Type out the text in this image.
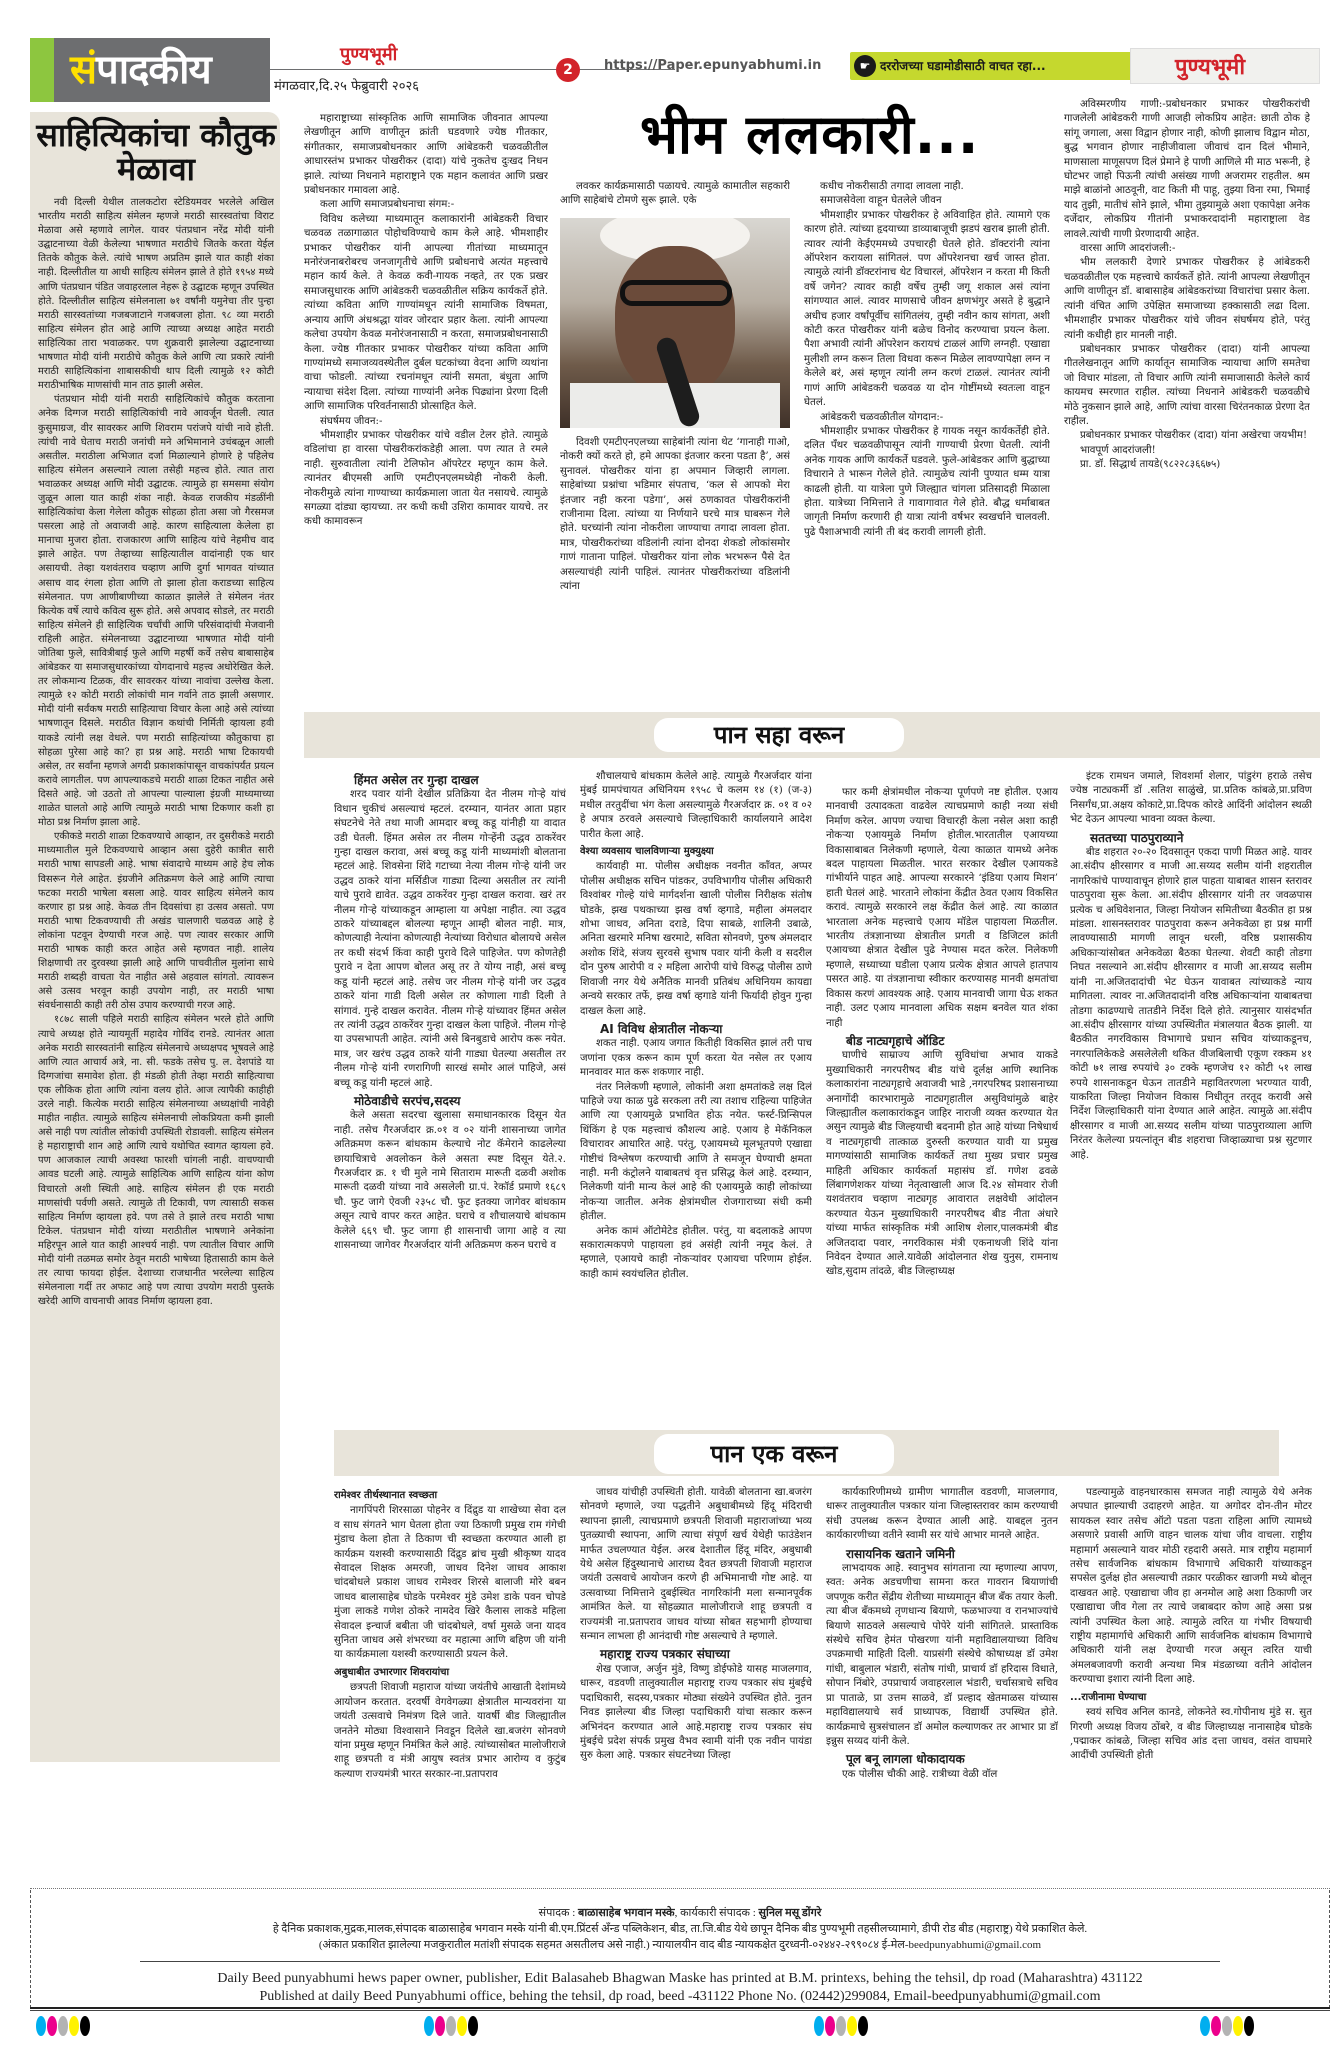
संपादकीय	पुण्यभूमी
मंगळवार,दि.२५ फेब्रुवारी २०२६
2	https://Paper.epunyabhumi.in	☛ दररोजच्या घडामोडीसाठी वाचत रहा...	पुण्यभूमी
साहित्यिकांचा कौतुक मेळावा

नवी दिल्ली येथील तालकटोरा स्टेडियमवर भरलेले अखिल भारतीय मराठी साहित्य संमेलन म्हणजे मराठी सारस्वतांचा विराट मेळावा असे म्हणावे लागेल. यावर पंतप्रधान नरेंद्र मोदी यांनी उद्घाटनाच्या वेळी केलेल्या भाषणात मराठीचे जितके करता येईल तितके कौतुक केले. त्यांचे भाषण अप्रतिम झाले यात काही शंका नाही. दिल्लीतील या आधी साहित्य संमेलन झाले ते होते १९५४ मध्ये आणि पंतप्रधान पंडित जवाहरलाल नेहरू हे उद्घाटक म्हणून उपस्थित होते. दिल्लीतील साहित्य संमेलनाला ७१ वर्षांनी यमुनेचा तीर पुन्हा मराठी सारस्वतांच्या गजबजाटाने गजबजला होता. ९८ व्या मराठी साहित्य संमेलन होत आहे आणि त्याच्या अध्यक्ष आहेत मराठी साहित्यिका तारा भवाळकर. पण शुक्रवारी झालेल्या उद्घाटनाच्या भाषणात मोदी यांनी मराठीचे कौतुक केले आणि त्या प्रकारे त्यांनी मराठी साहित्यिकांना शाबासकीची थाप दिली त्यामुळे १२ कोटी मराठीभाषिक माणसांची मान ताठ झाली असेल.

पंतप्रधान मोदी यांनी मराठी साहित्यिकांचे कौतुक करताना अनेक दिग्गज मराठी साहित्यिकांची नावे आवर्जून घेतली. त्यात कुसुमाग्रज, वीर सावरकर आणि शिवराम परांजपे यांची नावे होती. त्यांची नावे घेताच मराठी जनांची मने अभिमानाने उचंबळून आली असतील. मराठीला अभिजात दर्जा मिळाल्याने होणारे हे पहिलेच साहित्य संमेलन असल्याने त्याला तसेही महत्त्व होते. त्यात तारा भवाळकर अध्यक्ष आणि मोदी उद्घाटक. त्यामुळे हा समसमा संयोग जुळून आला यात काही शंका नाही. केवळ राजकीय मंडळींनी साहित्यिकांचा केला गेलेला कौतुक सोहळा होता असा जो गैरसमज पसरला आहे तो अवाजवी आहे. कारण साहित्याला केलेला हा मानाचा मुजरा होता. राजकारण आणि साहित्य यांचे नेहमीच वाद झाले आहेत. पण तेव्हाच्या साहित्यातील वादांनाही एक धार असायची. तेव्हा यशवंतराव चव्हाण आणि दुर्गा भागवत यांच्यात असाच वाद रंगला होता आणि तो झाला होता कराडच्या साहित्य संमेलनात. पण आणीबाणीच्या काळात झालेले ते संमेलन नंतर कित्येक वर्षे त्याचे कवित्व सुरू होते. असे अपवाद सोडले, तर मराठी साहित्य संमेलने ही साहित्यिक चर्चांची आणि परिसंवादांची मेजवानी राहिली आहेत. संमेलनाच्या उद्घाटनाच्या भाषणात मोदी यांनी जोतिबा फुले, सावित्रीबाई फुले आणि महर्षी कर्वे तसेच बाबासाहेब आंबेडकर या समाजसुधारकांच्या योगदानाचे महत्त्व अधोरेखित केले. तर लोकमान्य टिळक, वीर सावरकर यांच्या नावांचा उल्लेख केला. त्यामुळे १२ कोटी मराठी लोकांची मान गर्वाने ताठ झाली असणार. मोदी यांनी सर्वंकष मराठी साहित्याचा विचार केला आहे असे त्यांच्या भाषणातून दिसले. मराठीत विज्ञान कथांची निर्मिती व्हायला हवी याकडे त्यांनी लक्ष वेधले. पण मराठी साहित्यांच्या कौतुकाचा हा सोहळा पुरेसा आहे का? हा प्रश्न आहे. मराठी भाषा टिकायची असेल, तर सर्वांना म्हणजे अगदी प्रकाशकांपासून वाचकांपर्यंत प्रयत्न करावे लागतील. पण आपल्याकडचे मराठी शाळा टिकत नाहीत असे दिसते आहे. जो उठतो तो आपल्या पाल्याला इंग्रजी माध्यमाच्या शाळेत घालतो आहे आणि त्यामुळे मराठी भाषा टिकणार कशी हा मोठा प्रश्न निर्माण झाला आहे.

एकीकडे मराठी शाळा टिकवण्याचे आव्हान, तर दुसरीकडे मराठी माध्यमातील मुले टिकवण्याचे आव्हान असा दुहेरी कात्रीत सारी मराठी भाषा सापडली आहे. भाषा संवादाचे माध्यम आहे हेच लोक विसरून गेले आहेत. इंग्रजीने अतिक्रमण केले आहे आणि त्याचा फटका मराठी भाषेला बसला आहे. यावर साहित्य संमेलने काय करणार हा प्रश्न आहे. केवळ तीन दिवसांचा हा उत्सव असतो. पण मराठी भाषा टिकवण्याची ती अखंड चालणारी चळवळ आहे हे लोकांना पटवून देण्याची गरज आहे. पण त्यावर सरकार आणि मराठी भाषक काही करत आहेत असे म्हणवत नाही. शालेय शिक्षणाची तर दुरवस्था झाली आहे आणि पाचवीतील मुलांना साधे मराठी शब्दही वाचता येत नाहीत असे अहवाल सांगतो. त्यावरून असे उत्सव भरवून काही उपयोग नाही, तर मराठी भाषा संवर्धनासाठी काही तरी ठोस उपाय करण्याची गरज आहे.

१८७८ साली पहिले मराठी साहित्य संमेलन भरले होते आणि त्याचे अध्यक्ष होते न्यायमूर्ती महादेव गोविंद रानडे. त्यानंतर आता अनेक मराठी सारस्वतांनी साहित्य संमेलनाचे अध्यक्षपद भूषवले आहे आणि त्यात आचार्य अत्रे, ना. सी. फडके तसेच पु. ल. देशपांडे या दिग्गजांचा समावेश होता. ही मंडळी होती तेव्हा मराठी साहित्याचा एक लौकिक होता आणि त्यांना वलय होते. आज त्यापैकी काहीही उरले नाही. कित्येक मराठी साहित्य संमेलनाच्या अध्यक्षांची नावेही माहीत नाहीत. त्यामुळे साहित्य संमेलनाची लोकप्रियता कमी झाली असे नाही पण त्यांतील लोकांची उपस्थिती रोडावली. साहित्य संमेलन हे महाराष्ट्राची शान आहे आणि त्याचे यथोचित स्वागत व्हायला हवे. पण आजकाल त्याची अवस्था फारशी चांगली नाही. वाचण्याची आवड घटली आहे. त्यामुळे साहित्यिक आणि साहित्य यांना कोण विचारतो अशी स्थिती आहे. साहित्य संमेलन ही एक मराठी माणसांची पर्वणी असते. त्यामुळे ती टिकावी, पण त्यासाठी सकस साहित्य निर्माण व्हायला हवे. पण तसे ते झाले तरच मराठी भाषा टिकेल. पंतप्रधान मोदी यांच्या मराठीतील भाषणाने अनेकांना महिरपून आले यात काही आश्चर्य नाही. पण त्यातील विचार आणि मोदी यांनी तळमळ समोर ठेवून मराठी भाषेच्या हितासाठी काम केले तर त्याचा फायदा होईल. देशाच्या राजधानीत भरलेल्या साहित्य संमेलनाला गर्दी तर अफाट आहे पण त्याचा उपयोग मराठी पुस्तके खरेदी आणि वाचनाची आवड निर्माण व्हायला हवा.

भीम ललकारी...

महाराष्ट्राच्या सांस्कृतिक आणि सामाजिक जीवनात आपल्या लेखणीतून आणि वाणीतून क्रांती घडवणारे ज्येष्ठ गीतकार, संगीतकार, समाजप्रबोधनकार आणि आंबेडकरी चळवळीतील आधारस्तंभ प्रभाकर पोखरीकर (दादा) यांचे नुकतेच दुःखद निधन झाले. त्यांच्या निधनाने महाराष्ट्राने एक महान कलावंत आणि प्रखर प्रबोधनकार गमावला आहे.

कला आणि समाजप्रबोधनाचा संगम:-

विविध कलेच्या माध्यमातून कलाकारांनी आंबेडकरी विचार चळवळ तळागाळात पोहोचविण्याचे काम केले आहे. भीमशाहीर प्रभाकर पोखरीकर यांनी आपल्या गीतांच्या माध्यमातून मनोरंजनाबरोबरच जनजागृतीचे आणि प्रबोधनाचे अत्यंत महत्त्वाचे महान कार्य केले. ते केवळ कवी-गायक नव्हते, तर एक प्रखर समाजसुधारक आणि आंबेडकरी चळवळीतील सक्रिय कार्यकर्ते होते. त्यांच्या कविता आणि गाण्यांमधून त्यांनी सामाजिक विषमता, अन्याय आणि अंधश्रद्धा यांवर जोरदार प्रहार केला. त्यांनी आपल्या कलेचा उपयोग केवळ मनोरंजनासाठी न करता, समाजप्रबोधनासाठी केला. ज्येष्ठ गीतकार प्रभाकर पोखरीकर यांच्या कविता आणि गाण्यांमध्ये समाजव्यवस्थेतील दुर्बल घटकांच्या वेदना आणि व्यथांना वाचा फोडली. त्यांच्या रचनांमधून त्यांनी समता, बंधुता आणि न्यायाचा संदेश दिला. त्यांच्या गाण्यांनी अनेक पिढ्यांना प्रेरणा दिली आणि सामाजिक परिवर्तनासाठी प्रोत्साहित केले.

संघर्षमय जीवन:-

भीमशाहीर प्रभाकर पोखरीकर यांचे वडील टेलर होते. त्यामुळे वडिलांचा हा वारसा पोखरीकरांकडेही आला. पण त्यात ते रमले नाही. सुरुवातीला त्यांनी टेलिफोन ऑपरेटर म्हणून काम केले. त्यानंतर बीएमसी आणि एमटीएनएलमध्येही नोकरी केली. नोकरीमुळे त्यांना गाण्याच्या कार्यक्रमाला जाता येत नसायचे. त्यामुळे सगळ्या दांड्या व्हायच्या. तर कधी कधी उशिरा कामावर यायचे. तर कधी कामावरून

लवकर कार्यक्रमासाठी पळायचे. त्यामुळे कामातील सहकारी आणि साहेबांचे टोमणे सुरू झाले. एके

दिवशी एमटीएनएलच्या साहेबांनी त्यांना थेट ‘गानाही गाओ, नोकरी क्यों करते हो, हमे आपका इंतजार करना पडता है’, असं सुनावलं. पोखरीकर यांना हा अपमान जिव्हारी लागला. साहेबांच्या प्रश्नांचा भडिमार संपताच, ‘कल से आपको मेरा इंतजार नही करना पडेगा’, असं ठणकावत पोखरीकरांनी राजीनामा दिला. त्यांच्या या निर्णयाने घरचे मात्र घाबरून गेले होते. घरच्यांनी त्यांना नोकरीला जाण्याचा तगादा लावला होता. मात्र, पोखरीकरांच्या वडिलांनी त्यांना दोनदा शेकडो लोकांसमोर गाणं गाताना पाहिलं. पोखरीकर यांना लोक भरभरून पैसे देत असल्याचंही त्यांनी पाहिलं. त्यानंतर पोखरीकरांच्या वडिलांनी त्यांना

कधीच नोकरीसाठी तगादा लावला नाही.

समाजसेवेला वाहून घेतलेले जीवन

भीमशाहीर प्रभाकर पोखरीकर हे अविवाहित होते. त्यामागे एक कारण होते. त्यांच्या हृदयाच्या डाव्याबाजूची झडपं खराब झाली होती. त्यावर त्यांनी केईएममध्ये उपचारही घेतले होते. डॉक्टरांनी त्यांना ऑपरेशन करायला सांगितलं. पण ऑपरेशनचा खर्च जास्त होता. त्यामुळे त्यांनी डॉक्टरांनाच थेट विचारलं, ऑपरेशन न करता मी किती वर्षे जगेन? त्यावर काही वर्षेच तुम्ही जगू शकाल असं त्यांना सांगण्यात आलं. त्यावर माणसाचे जीवन क्षणभंगुर असते हे बुद्धाने अधीच हजार वर्षांपूर्वीच सांगितलंय, तुम्ही नवीन काय सांगता, अशी कोटी करत पोखरीकर यांनी बळेच विनोद करण्याचा प्रयत्न केला. पैशा अभावी त्यांनी ऑपरेशन करायचं टाळलं आणि लग्नही. एखाद्या मुलीशी लग्न करून तिला विधवा करून मिळेल लावण्यापेक्षा लग्न न केलेले बरं, असं म्हणून त्यांनी लग्न करणं टाळलं. त्यानंतर त्यांनी गाणं आणि आंबेडकरी चळवळ या दोन गोष्टींमध्ये स्वतःला वाहून घेतलं.

आंबेडकरी चळवळीतील योगदान:-

भीमशाहीर प्रभाकर पोखरीकर हे गायक नसून कार्यकर्तेही होते. दलित पँथर चळवळीपासून त्यांनी गाण्याची प्रेरणा घेतली. त्यांनी अनेक गायक आणि कार्यकर्ते घडवले. फुले-आंबेडकर आणि बुद्धाच्या विचाराने ते भारून गेलेले होते. त्यामुळेच त्यांनी पुण्यात धम्म यात्रा काढली होती. या यात्रेला पुणे जिल्ह्यात चांगला प्रतिसादही मिळाला होता. यात्रेच्या निमित्ताने ते गावागावात गेले होते. बौद्ध धर्माबाबत जागृती निर्माण करणारी ही यात्रा त्यांनी वर्षभर स्वखर्चाने चालवली. पुढे पैशाअभावी त्यांनी ती बंद करावी लागली होती.

अविस्मरणीय गाणी:-प्रबोधनकार प्रभाकर पोखरीकरांची गाजलेली आंबेडकरी गाणी आजही लोकप्रिय आहेत: छाती ठोक हे सांगू जगाला, असा विद्वान होणार नाही, कोणी झालाच विद्वान मोठा, बुद्ध भगवान होणार नाहीजीवाला जीवाचं दान दिलं भीमाने, माणसाला माणूसपण दिलं प्रेमाने हे पाणी आणिले मी माठ भरूनी, हे घोटभर जाहो पिऊनी त्यांची असंख्य गाणी अजरामर राहतील. श्रम माझे बाळांनो आठवूनी, वाट किती मी पाहू, तुझ्या विना रमा, भिमाई याद तुझी, मातीचं सोने झाले, भीमा तुझ्यामुळे अशा एकापेक्षा अनेक दर्जेदार, लोकप्रिय गीतांनी प्रभाकरदादांनी महाराष्ट्राला वेड लावले.त्यांची गाणी प्रेरणादायी आहेत.

वारसा आणि आदरांजली:-

भीम ललकारी देणारे प्रभाकर पोखरीकर हे आंबेडकरी चळवळीतील एक महत्त्वाचे कार्यकर्ते होते. त्यांनी आपल्या लेखणीतून आणि वाणीतून डॉ. बाबासाहेब आंबेडकरांच्या विचारांचा प्रसार केला. त्यांनी वंचित आणि उपेक्षित समाजाच्या हक्कासाठी लढा दिला. भीमशाहीर प्रभाकर पोखरीकर यांचे जीवन संघर्षमय होते, परंतु त्यांनी कधीही हार मानली नाही.

प्रबोधनकार प्रभाकर पोखरीकर (दादा) यांनी आपल्या गीतलेखनातून आणि कार्यातून सामाजिक न्यायाचा आणि समतेचा जो विचार मांडला, तो विचार आणि त्यांनी समाजासाठी केलेले कार्य कायमच स्मरणात राहील. त्यांच्या निधनाने आंबेडकरी चळवळीचे मोठे नुकसान झाले आहे, आणि त्यांचा वारसा चिरंतनकाळ प्रेरणा देत राहील.

प्रबोधनकार प्रभाकर पोखरीकर (दादा) यांना अखेरचा जयभीम!

भावपूर्ण आदरांजली!

प्रा. डॉ. सिद्धार्थ तायडे(९८२२८३६६७५)

पान सहा वरून
हिंमत असेल तर गुन्हा दाखल

शरद पवार यांनी देखील प्रतिक्रिया देत नीलम गोऱ्हे यांचं विधान चुकीचं असल्याचं म्हटलं. दरम्यान, यानंतर आता प्रहार संघटनेचे नेते तथा माजी आमदार बच्चू कडू यांनीही या वादात उडी घेतली. हिंमत असेल तर नीलम गोऱ्हेंनी उद्धव ठाकरेंवर गुन्हा दाखल करावा, असं बच्चू कडू यांनी माध्यमांशी बोलताना म्हटलं आहे. शिवसेना शिंदे गटाच्या नेत्या नीलम गोऱ्हे यांनी जर उद्धव ठाकरे यांना मर्सिडीज गाड्या दिल्या असतील तर त्यांनी याचे पुरावे द्यावेत. उद्धव ठाकरेंवर गुन्हा दाखल करावा. खरं तर नीलम गोऱ्हे यांच्याकडून आम्हाला या अपेक्षा नाहीत. त्या उद्धव ठाकरे यांच्याबद्दल बोलल्या म्हणून आम्ही बोलत नाही. मात्र, कोणत्याही नेत्यांना कोणत्याही नेत्यांच्या विरोधात बोलायचे असेल तर कधी संदर्भ किंवा काही पुरावे दिले पाहिजेत. पण कोणतेही पुरावे न देता आपण बोलत असू तर ते योग्य नाही, असं बच्चू कडू यांनी म्हटलं आहे. तसेच जर नीलम गोऱ्हे यांनी जर उद्धव ठाकरे यांना गाडी दिली असेल तर कोणाला गाडी दिली ते सांगावं. गुन्हे दाखल करावेत. नीलम गोऱ्हे यांच्यावर हिंमत असेल तर त्यांनी उद्धव ठाकरेंवर गुन्हा दाखल केला पाहिजे. नीलम गोऱ्हे या उपसभापती आहेत. त्यांनी असे बिनबुडाचे आरोप करू नयेत. मात्र, जर खरंच उद्धव ठाकरे यांनी गाड्या घेतल्या असतील तर नीलम गोऱ्हे यांनी रणरागिणी सारखं समोर आलं पाहिजे, असं बच्चू कडू यांनी म्हटलं आहे.

मोठेवाडीचे सरपंच,सदस्य

केले असता सदरचा खुलासा समाधानकारक दिसून येत नाही. तसेच गैरअर्जदार क्र.०१ व ०२ यांनी शासनाच्या जागेत अतिक्रमण करून बांधकाम केल्याचे नोट कॅमेराने काढलेल्या छायाचित्राचे अवलोकन केले असता स्पष्ट दिसून येते.२. गैरअर्जदार क्र. १ ची मुले नामे सिताराम मारूती दळवी अशोक मारूती दळवी यांच्या नावे असलेली ग्रा.पं. रेकॉर्ड प्रमाणे १६८९ चौ. फुट जागे ऐवजी २३५८ चौ. फुट इतक्या जागेवर बांधकाम असून त्याचे वापर करत आहेत. घराचे व शौचालयाचे बांधकाम केलेले ६६९ चौ. फुट जागा ही शासनाची जागा आहे व त्या शासनाच्या जागेवर गैरअर्जदार यांनी अतिक्रमण करुन घराचे व

शौचालयाचे बांधकाम केलेले आहे. त्यामुळे गैरअर्जदार यांना मुंबई ग्रामपंचायत अधिनियम १९५८ चे कलम १४ (१) (ज-३) मधील तरतुदींचा भंग केला असल्यामुळे गैरअर्जदार क्र. ०१ व ०२ हे अपात्र ठरवले असल्याचे जिल्हाधिकारी कार्यालयाने आदेश पारीत केला आहे.

वेश्या व्यवसाय चालविणाऱ्या मुक्युक्ष्या

कार्यवाही मा. पोलीस अधीक्षक नवनीत काँवत, अप्पर पोलीस अधीक्षक सचिन पांडकर, उपविभागीय पोलीस अधिकारी विश्वांबर गोल्हे यांचे मार्गदर्शना खाली पोलीस निरीक्षक संतोष घोडके, झख पथकाच्या झख वर्षा व्हगाडे, महीला अंमलदार शोभा जाधव, अनिता दराडे, दिपा साबळे, शालिनी उबाळे, अनिता खरमारे मनिषा खरमाटे, सविता सोनवणे, पुरुष अंमलदार अशोक शिंदे, संजय सुरवसे सुभाष पवार यांनी केली व सदरील दोन पुरुष आरोपी व २ महिला आरोपी यांचे विरुद्ध पोलीस ठाणे शिवाजी नगर येथे अनैतिक मानवी प्रतिबंध अधिनियम कायद्या अन्वये सरकार तर्फे, झख वर्षा व्हगाडे यांनी फिर्यादी होवुन गुन्हा दाखल केला आहे.

AI विविध क्षेत्रातील नोकऱ्या

शकत नाही. एआय जगात कितीही विकसित झालं तरी पाच जणांना एकत्र करून काम पूर्ण करता येत नसेल तर एआय मानवावर मात करू शकणार नाही.

नंतर निलेकणी म्हणाले, लोकांनी अशा क्षमतांकडे लक्ष दिलं पाहिजे ज्या काळ पुढे सरकला तरी त्या तशाच राहिल्या पाहिजेत आणि त्या एआयमुळे प्रभावित होऊ नयेत. फर्स्ट-प्रिन्सिपल थिंकिंग हे एक महत्त्वाचं कौशल्य आहे. एआय हे मेकॅनिकल विचारावर आधारित आहे. परंतु, एआयमध्ये मूलभूतपणे एखाद्या गोष्टीचं विश्लेषण करण्याची आणि ते समजून घेण्याची क्षमता नाही. मनी कंट्रोलने याबाबतचं वृत्त प्रसिद्ध केलं आहे. दरम्यान, निलेकणी यांनी मान्य केलं आहे की एआयमुळे काही लोकांच्या नोकऱ्या जातील. अनेक क्षेत्रांमधील रोजगाराच्या संधी कमी होतील.

अनेक कामं ऑटोमेटेड होतील. परंतु, या बदलाकडे आपण सकारात्मकपणे पाहायला हवं असंही त्यांनी नमूद केलं. ते म्हणाले, एआयचे काही नोकऱ्यांवर एआयचा परिणाम होईल. काही कामं स्वयंचलित होतील.

फार कमी क्षेत्रांमधील नोकऱ्या पूर्णपणे नष्ट होतील. एआय मानवाची उत्पादकता वाढवेल त्याचप्रमाणे काही नव्या संधी निर्माण करेल. आपण ज्याचा विचारही केला नसेल अशा काही नोकऱ्या एआयमुळे निर्माण होतील.भारतातील एआयच्या विकासाबाबत निलेकणी म्हणाले, येत्या काळात यामध्ये अनेक बदल पाहायला मिळतील. भारत सरकार देखील एआयकडे गांभीर्याने पाहत आहे. आपल्या सरकारने ‘इंडिया एआय मिशन’ हाती घेतलं आहे. भारताने लोकांना केंद्रीत ठेवत एआय विकसित करावं. त्यामुळे सरकारने लक्ष केंद्रीत केलं आहे. त्या काळात भारताला अनेक महत्त्वाचे एआय मॉडेल पाहायला मिळतील. भारतीय तंत्रज्ञानाच्या क्षेत्रातील प्रगती व डिजिटल क्रांती एआयच्या क्षेत्रात देखील पुढे नेण्यास मदत करेल. निलेकणी म्हणाले, सध्याच्या घडीला एआय प्रत्येक क्षेत्रात आपले हातपाय पसरत आहे. या तंत्रज्ञानाचा स्वीकार करण्यासह मानवी क्षमतांचा विकास करणं आवश्यक आहे. एआय मानवाची जागा घेऊ शकत नाही. उलट एआय मानवाला अधिक सक्षम बनवेल यात शंका नाही

बीड नाट्यगृहाचे ऑडिट

घाणीचे साम्राज्य आणि सुविधांचा अभाव याकडे मुख्याधिकारी नगरपरीषद बीड यांचे दूर्लक्ष आणि स्थानिक कलाकारांना नाट्यगृहाचे अवाजवी भाडे ,नगरपरिषद प्रशासनाच्या अनागोंदी कारभारामुळे नाट्यगृहातील असुविधांमुळे बाहेर जिल्ह्यातील कलाकारांकडून जाहिर नाराजी व्यक्त करण्यात येत असुन त्यामुळे बीड जिल्हयाची बदनामी होत आहे यांच्या निषेधार्थ व नाट्यगृहाची तात्काळ दुरुस्ती करण्यात यावी या प्रमुख मागण्यांसाठी सामाजिक कार्यकर्ते तथा मुख्य प्रचार प्रमुख माहिती अधिकार कार्यकर्ता महासंघ डॉ. गणेश ढवळे लिंबागणेशकर यांच्या नेतृत्वाखाली आज दि.२४ सोमवार रोजी यशवंतराव चव्हाण नाट्यगृह आवारात लक्षवेधी आंदोलन करण्यात येऊन मुख्याधिकारी नगरपरीषद बीड नीता अंधारे यांच्या मार्फत सांस्कृतिक मंत्री आशिष शेलार,पालकमंत्री बीड अजितदादा पवार, नगरविकास मंत्री एकनाथजी शिंदे यांना निवेदन देण्यात आले.यावेळी आंदोलनात शेख युनुस, रामनाथ खोड,सुदाम तांदळे, बीड जिल्हाध्यक्ष

इंटक रामधन जमाले, शिवशर्मा शेलार, पांडुरंग हराळे तसेच ज्येष्ठ नाट्यकर्मी डॉ .सतिश साळुंखे, प्रा.प्रतिक कांबळे,प्रा.प्रविण निसर्गंध,प्रा.अक्षय कोकाटे,प्रा.दिपक कोरडे आदिंनी आंदोलन स्थळी भेट देऊन आपल्या भावना व्यक्त केल्या.

सततच्या पाठपुराव्याने

बीड शहरात २०-२० दिवसातून एकदा पाणी मिळत आहे. यावर आ.संदीप क्षीरसागर व माजी आ.सय्यद सलीम यांनी शहरातील नागरिकांचे पाण्यावाचून होणारे हाल पाहता याबाबत शासन स्तरावर पाठपुरावा सुरू केला. आ.संदीप क्षीरसागर यांनी तर जवळपास प्रत्येक च अधिवेशनात, जिल्हा नियोजन समितीच्या बैठकीत हा प्रश्न मांडला. शासनस्तरावर पाठपुरावा करून अनेकवेळा हा प्रश्न मार्गी लावण्यासाठी मागणी लावून धरली, वरिष्ठ प्रशासकीय अधिकाऱ्यांसोबत अनेकवेळा बैठका घेतल्या. शेवटी काही तोडगा निघत नसल्याने आ.संदीप क्षीरसागर व माजी आ.सय्यद सलीम यांनी ना.अजितदादांची भेट घेऊन यावाबत त्यांच्याकडे न्याय मागितला. त्यावर ना.अजितदादांनी वरिष्ठ अधिकाऱ्यांना याबाबतचा तोडगा काढण्याचे तातडीने निर्देश दिले होते. त्यानुसार यासंदर्भात आ.संदीप क्षीरसागर यांच्या उपस्थितीत मंत्रालयात बैठक झाली. या बैठकीत नगरविकास विभागाचे प्रधान सचिव यांच्याकडूनच, नगरपालिकेकडे असलेलेली थकित वीजबिलाची एकूण रक्कम ४१ कोटी ७१ लाख रुपयांचे ३० टक्के म्हणजेच १२ कोटी ५१ लाख रुपये शासनाकडून घेऊन तातडीने महावितरणला भरण्यात यावी, याकरिता जिल्हा नियोजन विकास निधीतून तरतूद करावी असे निर्देश जिल्हाधिकारी यांना देण्यात आले आहेत. त्यामुळे आ.संदीप क्षीरसागर व माजी आ.सय्यद सलीम यांच्या पाठपुराव्याला आणि निरंतर केलेल्या प्रयत्नांतून बीड शहराचा जिव्हाळ्याचा प्रश्न सुटणार आहे.

पान एक वरून
रामेश्वर तीर्थस्थानात स्वच्छता

नागपिंपरी शिरसाळा पोहनेर व दिंद्रुड या शाखेच्या सेवा दल व साध संगतने भाग घेतला होता ज्या ठिकाणी प्रमुख राम गंगेची मुंडाच केला होता ते ठिकाण ची स्वच्छता करण्यात आली हा कार्यक्रम यशस्वी करण्यासाठी दिंद्रुड ब्रांच मुखी श्रीकृष्ण यादव सेवादल शिक्षक अमरजी, जाधव दिनेश जाधव आकाश चांदबोधले प्रकाश जाधव रामेश्वर शिरसे बालाजी मोरे बबन जाधव बालासाहेब घोडके परमेश्वर मुंडे उमेश डाके पवन चोपडे मुंजा लाकडे गणेश ठोकरे नामदेव खिरे कैलास लाकडे महिला सेवादल इन्चार्ज बबीता जी चांदबोधले, वर्षा मुसळे जना यादव सुनिता जाधव असे शंभरच्या वर महात्मा आणि बहिण जी यांनी या कार्यक्रमाला यशस्वी करण्यासाठी प्रयत्न केले.

अबुधाबीत उभारणार शिवरायांचा

छत्रपती शिवाजी महाराज यांच्या जयंतीचे आखाती देशांमध्ये आयोजन करतात. दरवर्षी वेगवेगळ्या क्षेत्रातील मान्यवरांना या जयंती उत्सवाचे निमंत्रण दिले जाते. यावर्षी बीड जिल्ह्यातील जनतेने मोठ्या विश्वासाने निवडून दिलेले खा.बजरंग सोनवणे यांना प्रमुख म्हणून निमंत्रित केले आहे. त्यांच्यासोबत मालोजीराजे शाहू छत्रपती व मंत्री आयुष स्वतंत्र प्रभार आरोग्य व कुटुंब कल्याण राज्यमंत्री भारत सरकार-ना.प्रतापराव

जाधव यांचीही उपस्थिती होती. यावेळी बोलताना खा.बजरंग सोनवणे म्हणाले, ज्या पद्धतीने अबुधाबीमध्ये हिंदू मंदिराची स्थापना झाली, त्याचप्रमाणे छत्रपती शिवाजी महाराजांच्या भव्य पुतळ्याची स्थापना, आणि त्याचा संपूर्ण खर्च येथेही फाउंडेशन मार्फत उचलण्यात येईल. अरब देशातील हिंदू मंदिर, अबुधाबी येथे असेल हिंदुस्थानाचे आराध्य दैवत छत्रपती शिवाजी महाराज जयंती उत्सवाचे आयोजन करणे ही अभिमानाची गोष्ट आहे. या उत्सवाच्या निमित्ताने दुबईस्थित नागरिकांनी मला सन्मानपूर्वक आमंत्रित केले. या सोहळ्यात मालोजीराजे शाहू छत्रपती व राज्यमंत्री ना.प्रतापराव जाधव यांच्या सोबत सहभागी होण्याचा सन्मान लाभला ही आनंदाची गोष्ट असल्याचे ते म्हणाले.

महाराष्ट्र राज्य पत्रकार संघाच्या

शेख एजाज, अर्जुन मुंडे, विष्णु डोईफोडे यासह माजलगाव, धारूर, वडवणी तालुक्यातील महाराष्ट्र राज्य पत्रकार संघ मुंबईचे पदाधिकारी, सदस्य,पत्रकार मोठ्या संख्येने उपस्थित होते. नुतन निवड झालेल्या बीड जिल्हा पदाधिकारी यांचा सत्कार करून अभिनंदन करण्यात आले आहे.महाराष्ट्र राज्य पत्रकार संघ मुंबईचे प्रदेश संपर्क प्रमुख वैभव स्वामी यांनी एक नवीन पायंडा सुरु केला आहे. पत्रकार संघटनेच्या जिल्हा

कार्यकारिणीमध्ये ग्रामीण भागातील वडवणी, माजलगाव, धारूर तालुक्यातील पत्रकार यांना जिल्हास्तरावर काम करण्याची संधी उपलब्ध करून देण्यात आली आहे. याबद्दल नुतन कार्यकारणीच्या वतीने स्वामी सर यांचे आभार मानले आहेत.

रासायनिक खताने जमिनी

लाभदायक आहे. स्वानुभव सांगताना त्या म्हणाल्या आपण, स्वत: अनेक अडचणीचा सामना करत गावरान बियाणांची जपणूक करीत सेंद्रीय शेतीच्या माध्यमातून बीज बँक तयार केली. त्या बीज बँकमध्ये तृणधान्य बियाणे, फळभाज्या व रानभाज्यांचे बियाणे साठवले असल्याचे पोपेरे यांनी सांगितले. प्रास्ताविक संस्थेचे सचिव हेमंत पोखरणा यांनी महाविद्यालयाच्या विविध उपक्रमाची माहिती दिली. याप्रसंगी संस्थेचे कोषाध्यक्ष डॉ उमेश गांधी, बाबुलाल भंडारी, संतोष गांधी, प्राचार्य डॉ हरिदास विधाते, सोपान निंबोरे, उपप्राचार्य जवाहरलाल भंडारी, चर्चासत्राचे सचिव प्रा पाताळे, प्रा उत्तम साळवे, डॉ प्रल्हाद खेतमाळस यांच्यास महाविद्यालयाचे सर्व प्राध्यापक, विद्यार्थी उपस्थित होते. कार्यक्रमाचे सुत्रसंचालन डॉ अमोल कल्याणकर तर आभार प्रा डॉ इन्नुस सय्यद यांनी केले.

पूल बनू लागला धोकादायक

एक पोलीस चौकी आहे. रात्रीच्या वेळी वॉल

पडल्यामुळे वाहनधारकास समजत नाही त्यामुळे येथे अनेक अपघात झाल्याची उदाहरणे आहेत. या अगोदर दोन-तीन मोटर सायकल स्वार तसेच ऑटो पडता पडता राहिला आणि त्यामध्ये असणारे प्रवासी आणि वाहन चालक यांचा जीव वाचला. राष्ट्रीय महामार्ग असल्याने यावर मोठी रहदारी असते. मात्र राष्ट्रीय महामार्ग तसेच सार्वजनिक बांधकाम विभागाचे अधिकारी यांच्याकडून सपसेल दुर्लक्ष होत असल्याची तक्रार परळीकर खाजगी मध्ये बोलून दाखवत आहे. एखाद्याचा जीव हा अनमोल आहे अशा ठिकाणी जर एखाद्याचा जीव गेला तर त्याचे जबाबदार कोण आहे असा प्रश्न त्यांनी उपस्थित केला आहे. त्यामुळे त्वरित या गंभीर विषयाची राष्ट्रीय महामार्गाचे अधिकारी आणि सार्वजनिक बांधकाम विभागाचे अधिकारी यांनी लक्ष देण्याची गरज असून त्वरित याची अंमलबजावणी करावी अन्यथा मित्र मंडळाच्या वतीने आंदोलन करण्याचा इशारा त्यांनी दिला आहे.

...राजीनामा घेण्याचा

स्वयं सचिव अनिल कानडे, लोकनेते स्व.गोपीनाथ मुंडे स. सुत गिरणी अध्यक्ष विजय ठोंबरे, व बीड जिल्हाध्यक्ष नानासाहेब घोडके ,पद्माकर कांबळे, जिल्हा सचिव आंड दत्ता जाधव, वसंत वाघमारे आदींची उपस्थिती होती

संपादक : बाळासाहेब भगवान मस्के, कार्यकारी संपादक : सुनिल मसू डोंगरे
हे दैनिक प्रकाशक,मुद्रक,मालक,संपादक बाळासाहेब भगवान मस्के यांनी बी.एम.प्रिंटर्स अँन्ड पब्लिकेशन, बीड, ता.जि.बीड येथे छापून दैनिक बीड पुण्यभूमी तहसीलच्यामागे, डीपी रोड बीड (महाराष्ट्र) येथे प्रकाशित केले.
(अंकात प्रकाशित झालेल्या मजकुरातील मतांशी संपादक सहमत असतीलच असे नाही.) न्यायालयीन वाद बीड न्यायकक्षेत दुरध्वनी-०२४४२-२९९०८४ ई-मेल-beedpunyabhumi@gmail.com
Daily Beed punyabhumi hews paper owner, publisher, Edit Balasaheb Bhagwan Maske has printed at B.M. printexs, behing the tehsil, dp road (Maharashtra) 431122
Published at daily Beed Punyabhumi office, behing the tehsil, dp road, beed -431122 Phone No. (02442)299084, Email-beedpunyabhumi@gmail.com
